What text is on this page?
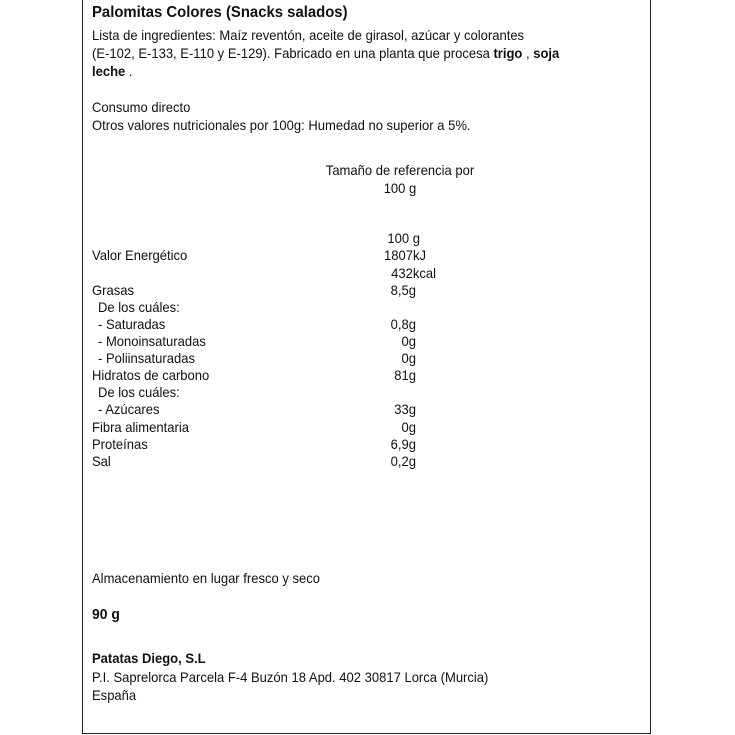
Palomitas Colores (Snacks salados)
Lista de ingredientes: Maíz reventón, aceite de girasol, azúcar y colorantes
(E-102, E-133, E-110 y E-129). Fabricado en una planta que procesa trigo , soja
leche .
Consumo directo
Otros valores nutricionales por 100g: Humedad no superior a 5%.
Tamaño de referencia por
100 g
100 g
Valor Energético	1807kJ
432kcal
Grasas	8,5g
De los cuáles:
- Saturadas	0,8g
- Monoinsaturadas	0g
- Poliinsaturadas	0g
Hidratos de carbono	81g
De los cuáles:
- Azúcares	33g
Fibra alimentaria	0g
Proteínas	6,9g
Sal	0,2g
Almacenamiento en lugar fresco y seco
90 g
Patatas Diego, S.L
P.I. Saprelorca Parcela F-4 Buzón 18 Apd. 402 30817 Lorca (Murcia)
España
